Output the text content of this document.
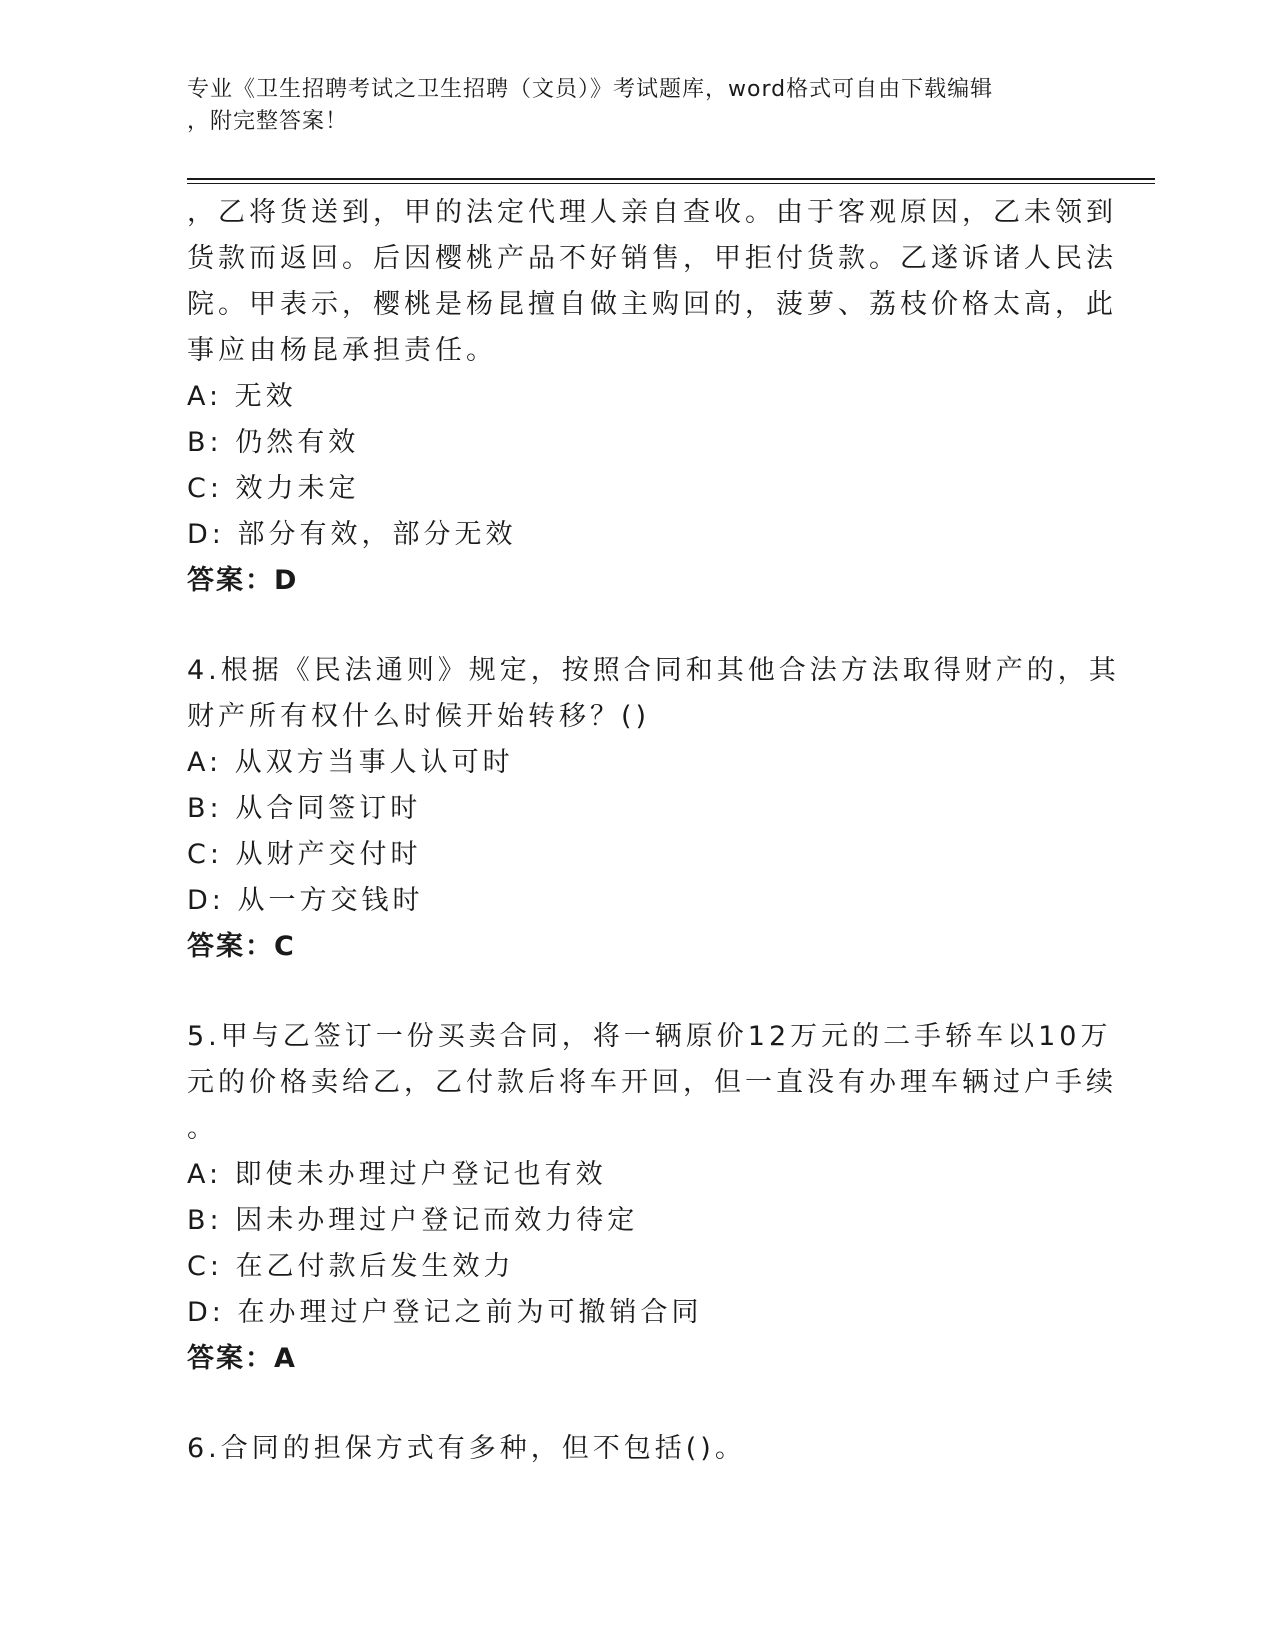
专业《卫生招聘考试之卫生招聘（文员）》考试题库，word格式可自由下载编辑
，附完整答案！
，乙将货送到，甲的法定代理人亲自查收。由于客观原因，乙未领到
货款而返回。后因樱桃产品不好销售，甲拒付货款。乙遂诉诸人民法
院。甲表示，樱桃是杨昆擅自做主购回的，菠萝、荔枝价格太高，此
事应由杨昆承担责任。
A: 无效
B: 仍然有效
C: 效力未定
D: 部分有效，部分无效
答案：D
4.根据《民法通则》规定，按照合同和其他合法方法取得财产的，其
财产所有权什么时候开始转移？()
A: 从双方当事人认可时
B: 从合同签订时
C: 从财产交付时
D: 从一方交钱时
答案：C
5.甲与乙签订一份买卖合同，将一辆原价12万元的二手轿车以10万
元的价格卖给乙，乙付款后将车开回，但一直没有办理车辆过户手续
。
A: 即使未办理过户登记也有效
B: 因未办理过户登记而效力待定
C: 在乙付款后发生效力
D: 在办理过户登记之前为可撤销合同
答案：A
6.合同的担保方式有多种，但不包括()。
